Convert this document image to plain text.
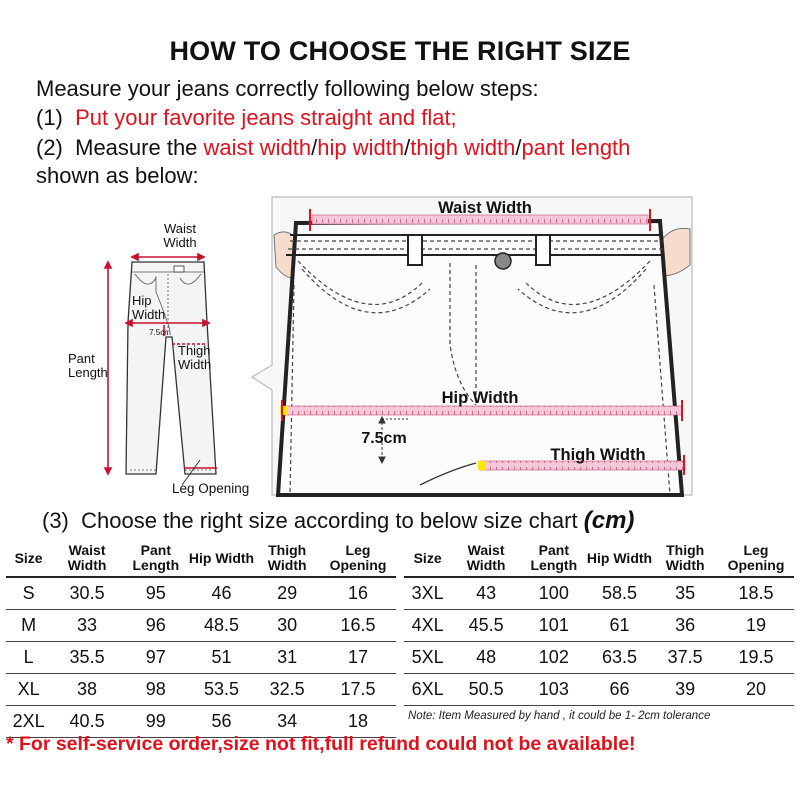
HOW TO CHOOSE THE RIGHT SIZE
Measure your jeans correctly following below steps:
(1) Put your favorite jeans straight and flat;
(2) Measure the waist width/hip width/thigh width/pant length
shown as below:
Waist Width
Hip Width
7.5cm
Thigh Width
Pant Length
Leg Opening
Waist Width
Hip Width
7.5cm
Thigh Width
(3) Choose the right size according to below size chart (cm)
Size	Waist Width	Pant Length	Hip Width	Thigh Width	Leg Opening
S	30.5	95	46	29	16
M	33	96	48.5	30	16.5
L	35.5	97	51	31	17
XL	38	98	53.5	32.5	17.5
2XL	40.5	99	56	34	18
Size	Waist Width	Pant Length	Hip Width	Thigh Width	Leg Opening
3XL	43	100	58.5	35	18.5
4XL	45.5	101	61	36	19
5XL	48	102	63.5	37.5	19.5
6XL	50.5	103	66	39	20
Note: Item Measured by hand , it could be 1- 2cm tolerance
* For self-service order,size not fit,full refund could not be available!
